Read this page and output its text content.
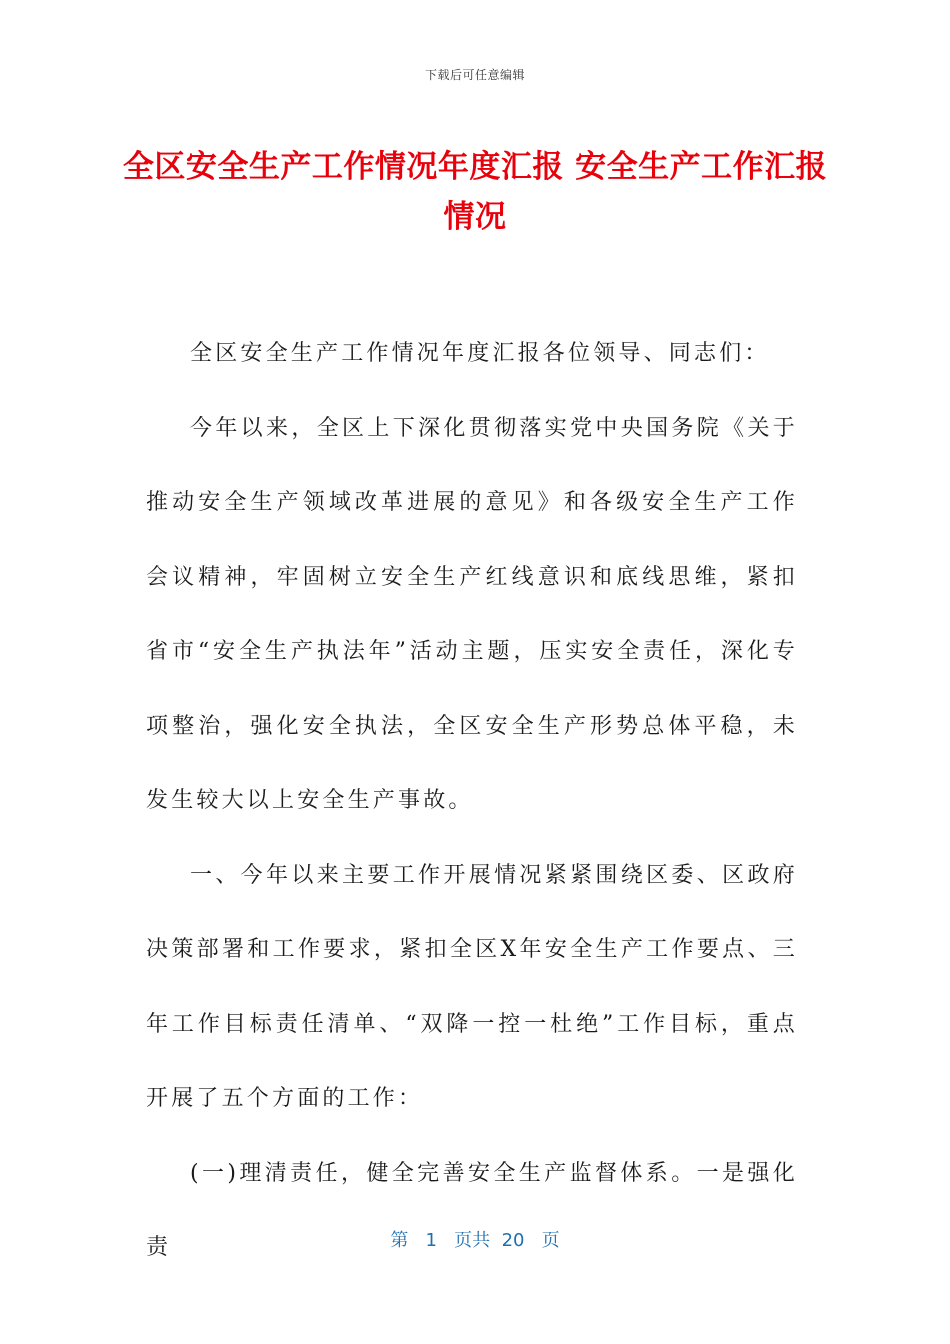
下载后可任意编辑
全区安全生产工作情况年度汇报 安全生产工作汇报情况

全区安全生产工作情况年度汇报各位领导、同志们：

今年以来，全区上下深化贯彻落实党中央国务院《关于推动安全生产领域改革进展的意见》和各级安全生产工作会议精神，牢固树立安全生产红线意识和底线思维，紧扣省市“安全生产执法年”活动主题，压实安全责任，深化专项整治，强化安全执法，全区安全生产形势总体平稳，未发生较大以上安全生产事故。

一、今年以来主要工作开展情况紧紧围绕区委、区政府决策部署和工作要求，紧扣全区X年安全生产工作要点、三年工作目标责任清单、“双降一控一杜绝”工作目标，重点开展了五个方面的工作：

(一)理清责任，健全完善安全生产监督体系。一是强化责	第 1 页共 20 页
